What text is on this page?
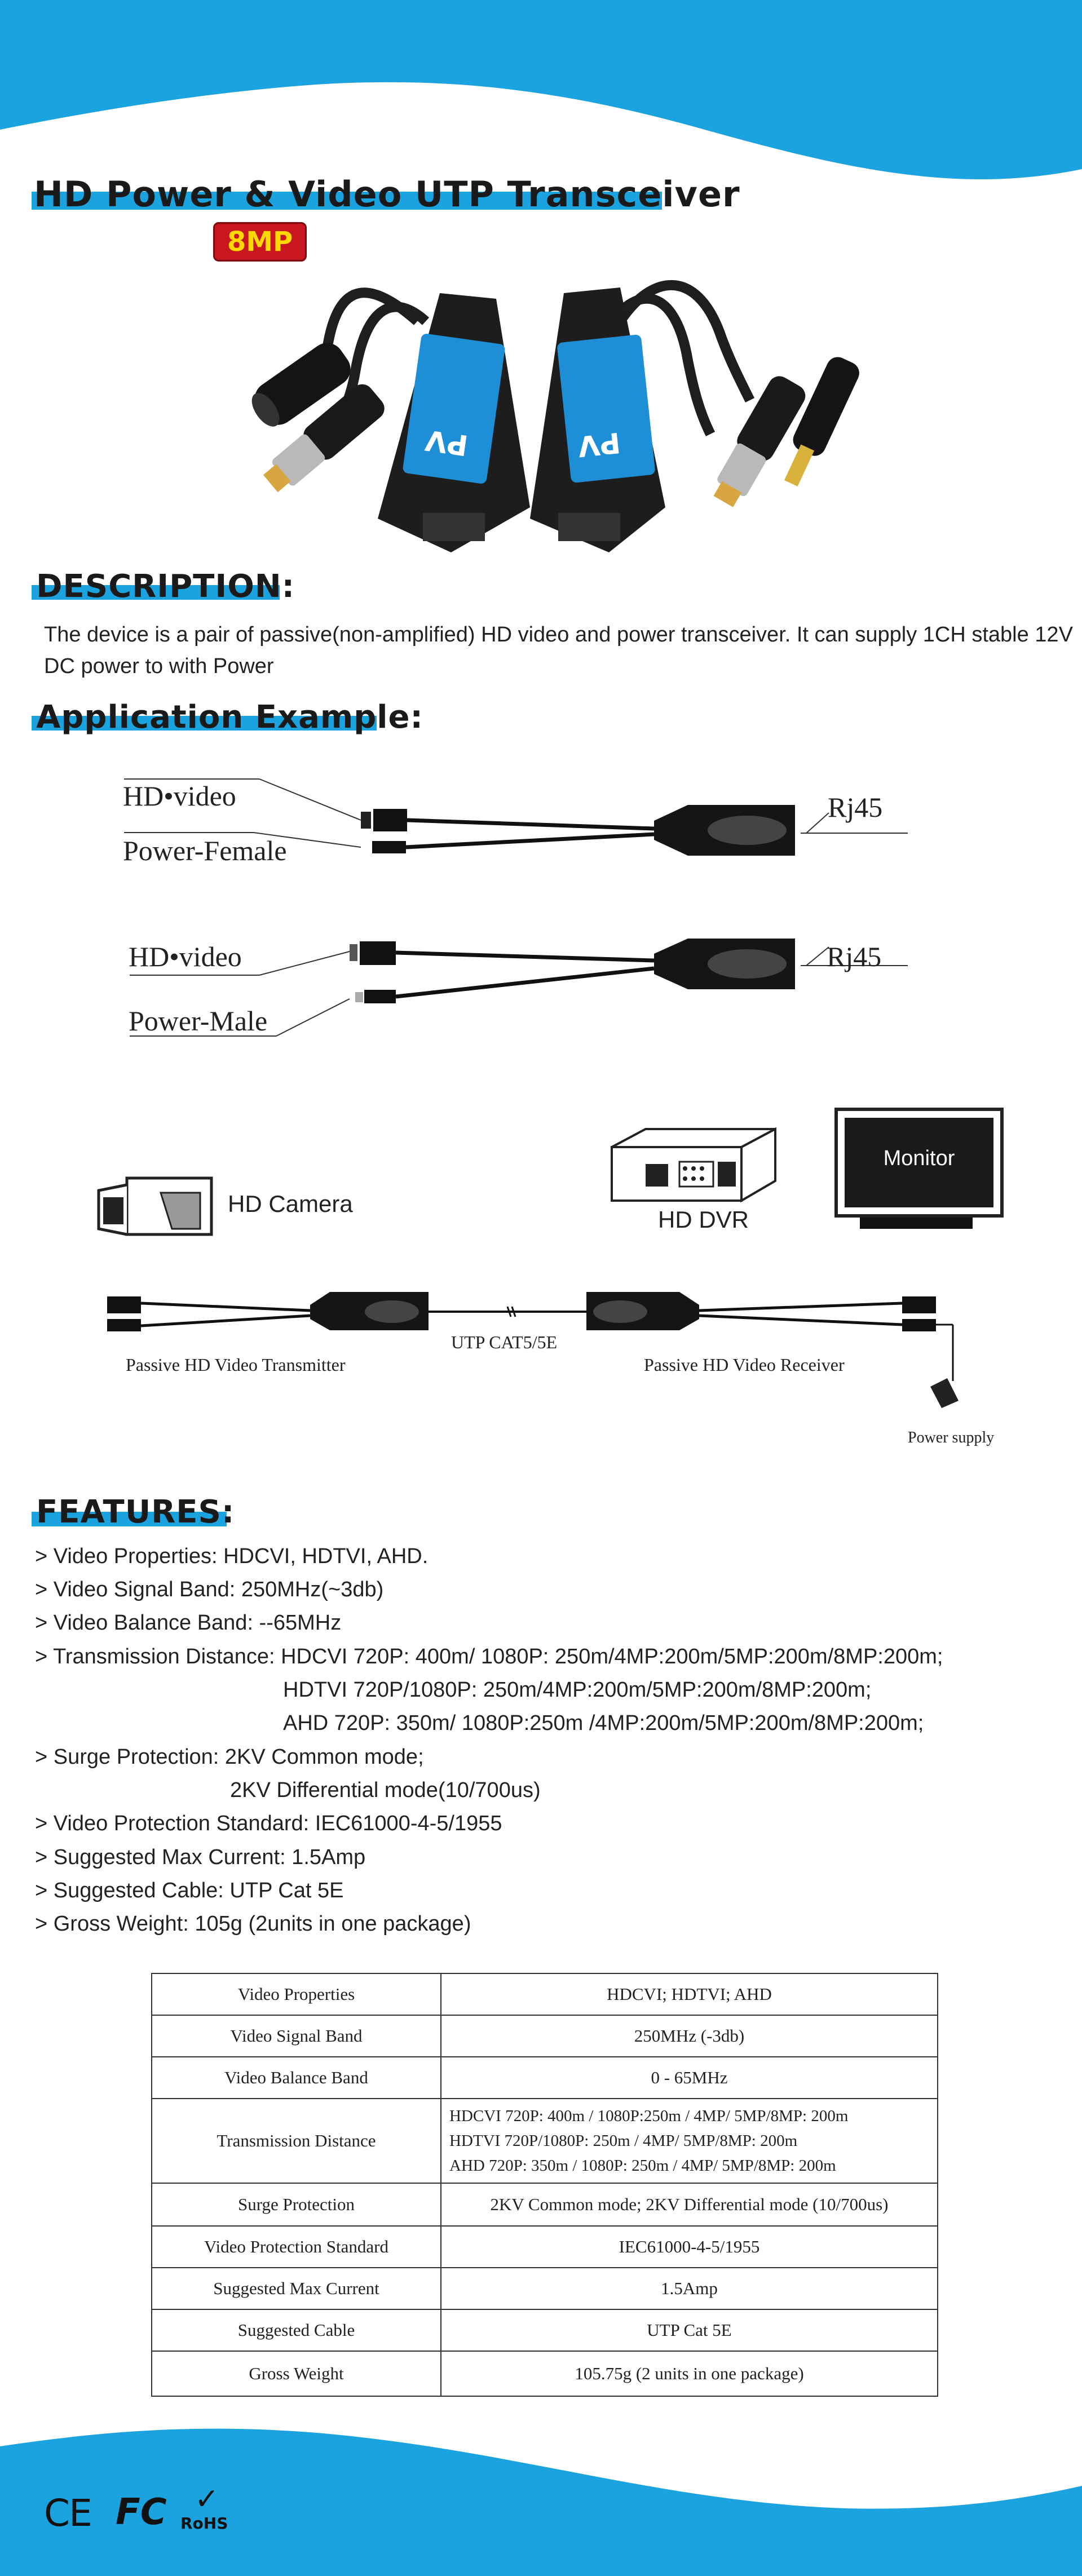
HD Power & Video UTP Transceiver
8MP
PV	PV
DESCRIPTION:
The device is a pair of passive(non-amplified) HD video and power transceiver. It can supply 1CH stable 12V DC power to with Power
Application Example:
HD•video
Power-Female
Rj45
HD•video
Power-Male
Rj45
HD Camera
HD DVR
Monitor
Passive HD Video Transmitter
UTP CAT5/5E
Passive HD Video Receiver
Power supply
FEATURES:
> Video Properties: HDCVI, HDTVI, AHD.
> Video Signal Band: 250MHz(~3db)
> Video Balance Band: --65MHz
> Transmission Distance: HDCVI 720P: 400m/ 1080P: 250m/4MP:200m/5MP:200m/8MP:200m;
HDTVI 720P/1080P: 250m/4MP:200m/5MP:200m/8MP:200m;
AHD 720P: 350m/ 1080P:250m /4MP:200m/5MP:200m/8MP:200m;
> Surge Protection: 2KV Common mode;
2KV Differential mode(10/700us)
> Video Protection Standard: IEC61000-4-5/1955
> Suggested Max Current: 1.5Amp
> Suggested Cable: UTP Cat 5E
> Gross Weight: 105g (2units in one package)
Video Properties	HDCVI; HDTVI; AHD
Video Signal Band	250MHz (-3db)
Video Balance Band	0 - 65MHz
Transmission Distance	HDCVI 720P: 400m / 1080P:250m / 4MP/ 5MP/8MP: 200m
HDTVI 720P/1080P: 250m / 4MP/ 5MP/8MP: 200m
AHD 720P: 350m / 1080P: 250m / 4MP/ 5MP/8MP: 200m

Surge Protection	2KV Common mode; 2KV Differential mode (10/700us)
Video Protection Standard	IEC61000-4-5/1955
Suggested Max Current	1.5Amp
Suggested Cable	UTP Cat 5E
Gross Weight	105.75g (2 units in one package)
CE FC ✓
RoHS
